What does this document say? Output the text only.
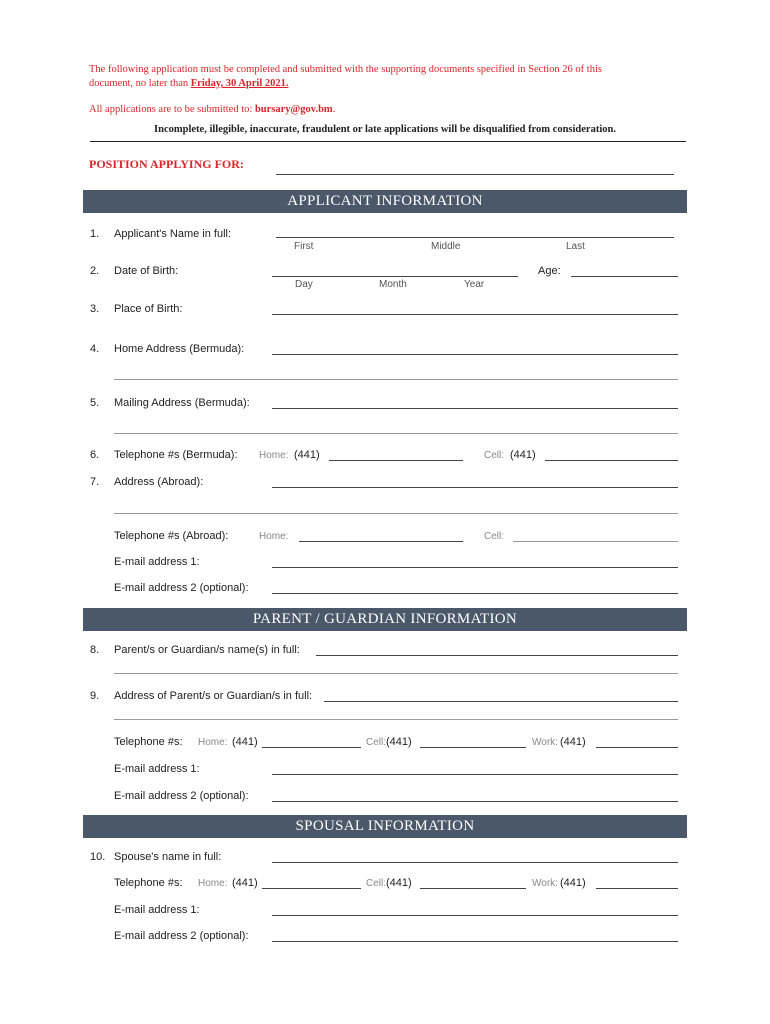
The following application must be completed and submitted with the supporting documents specified in Section 26 of this
document, no later than Friday, 30 April 2021.
All applications are to be submitted to: bursary@gov.bm.
Incomplete, illegible, inaccurate, fraudulent or late applications will be disqualified from consideration.
POSITION APPLYING FOR:
APPLICANT INFORMATION
1. Applicant's Name in full:
First	Middle	Last
2. Date of Birth:
Day	Month	Year
Age:
3. Place of Birth:
4. Home Address (Bermuda):
5. Mailing Address (Bermuda):
6. Telephone #s (Bermuda): Home: (441)	Cell: (441)
7. Address (Abroad):
Telephone #s (Abroad):	Home:	Cell:
E-mail address 1:
E-mail address 2 (optional):
PARENT / GUARDIAN INFORMATION
8. Parent/s or Guardian/s name(s) in full:
9. Address of Parent/s or Guardian/s in full:
Telephone #s: Home: (441)	Cell: (441)	Work: (441)
E-mail address 1:
E-mail address 2 (optional):
SPOUSAL INFORMATION
10. Spouse's name in full:
Telephone #s: Home: (441)	Cell: (441)	Work: (441)
E-mail address 1:
E-mail address 2 (optional):
